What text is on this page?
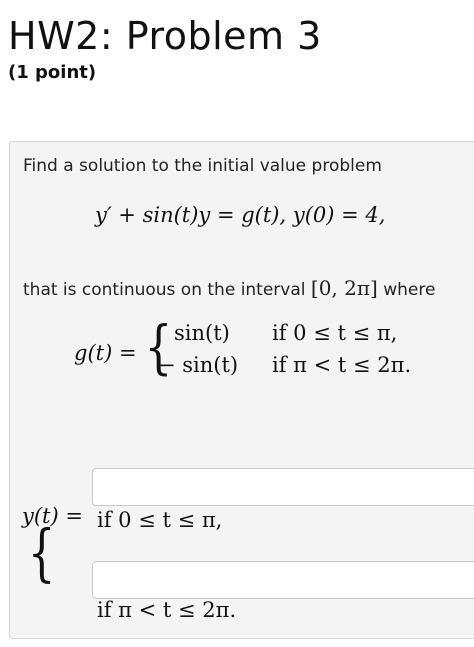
HW2: Problem 3
(1 point)
Find a solution to the initial value problem
y′ + sin(t)y = g(t), y(0) = 4,
that is continuous on the interval [0, 2π] where
g(t) = { sin(t) if 0 ≤ t ≤ π,
− sin(t) if π < t ≤ 2π.
y(t) = if 0 ≤ t ≤ π,
{
if π < t ≤ 2π.
